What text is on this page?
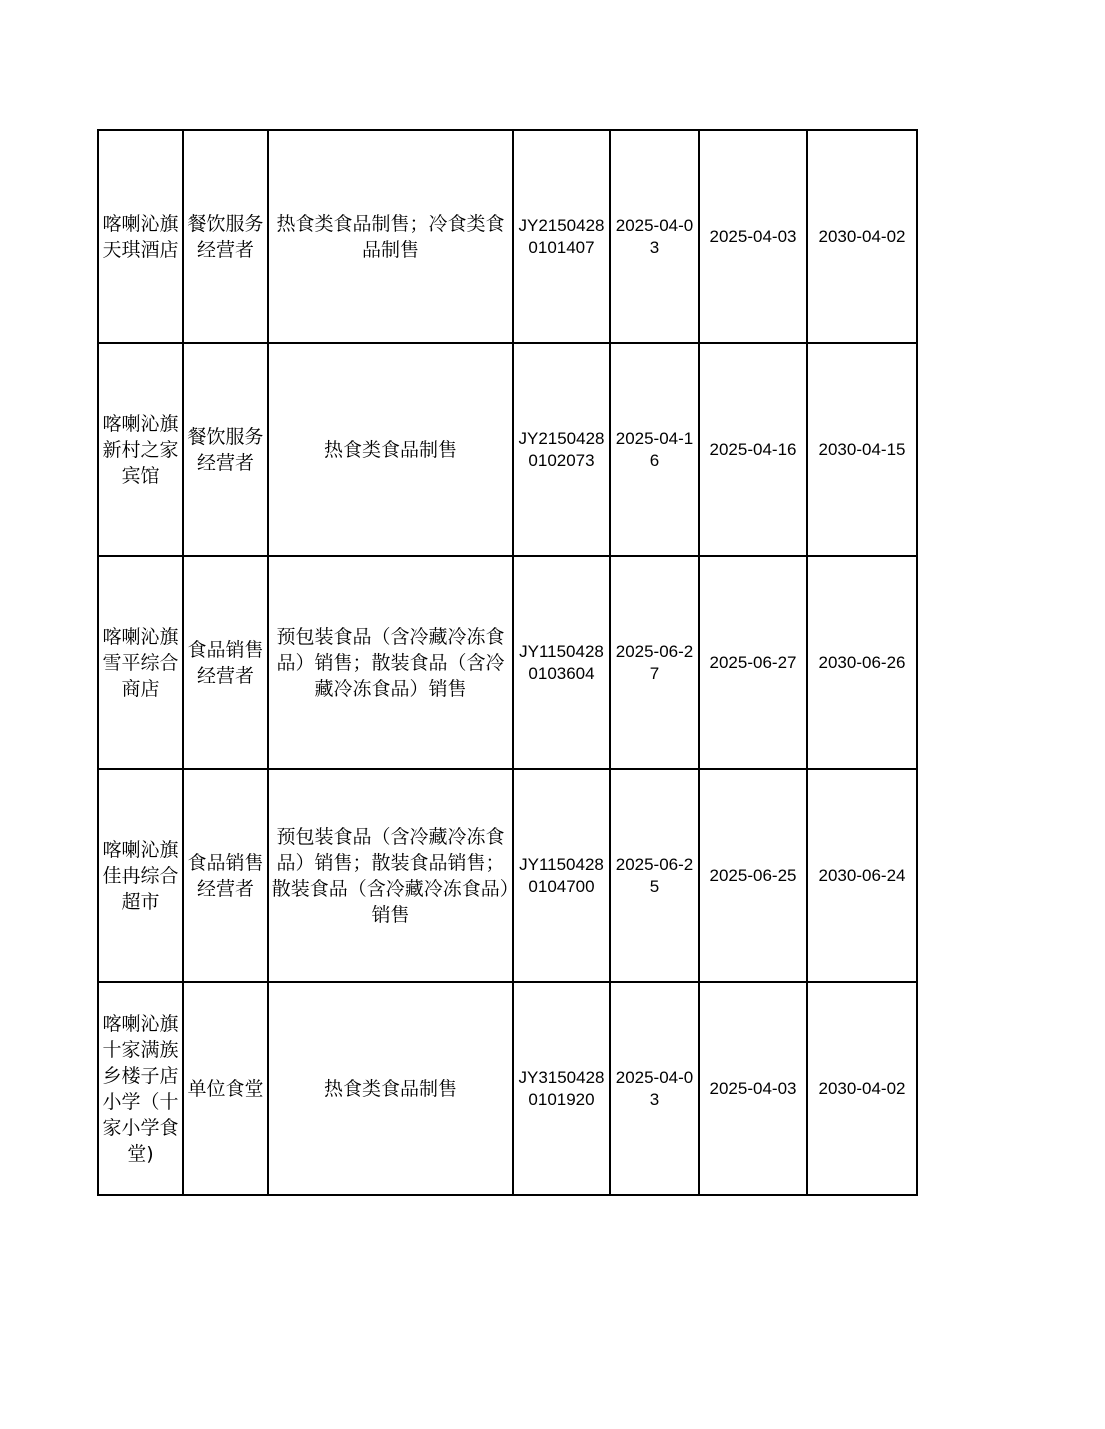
喀喇沁旗天琪酒店	餐饮服务经营者	热食类食品制售；冷食类食品制售	JY21504280101407	2025-04-03	2025-04-03	2030-04-02
喀喇沁旗新村之家宾馆	餐饮服务经营者	热食类食品制售	JY21504280102073	2025-04-16	2025-04-16	2030-04-15
喀喇沁旗雪平综合商店	食品销售经营者	预包装食品（含冷藏冷冻食品）销售；散装食品（含冷藏冷冻食品）销售	JY11504280103604	2025-06-27	2025-06-27	2030-06-26
喀喇沁旗佳冉综合超市	食品销售经营者	预包装食品（含冷藏冷冻食品）销售；散装食品销售；散装食品（含冷藏冷冻食品）销售	JY11504280104700	2025-06-25	2025-06-25	2030-06-24
喀喇沁旗十家满族乡楼子店小学（十家小学食堂)	单位食堂	热食类食品制售	JY31504280101920	2025-04-03	2025-04-03	2030-04-02
